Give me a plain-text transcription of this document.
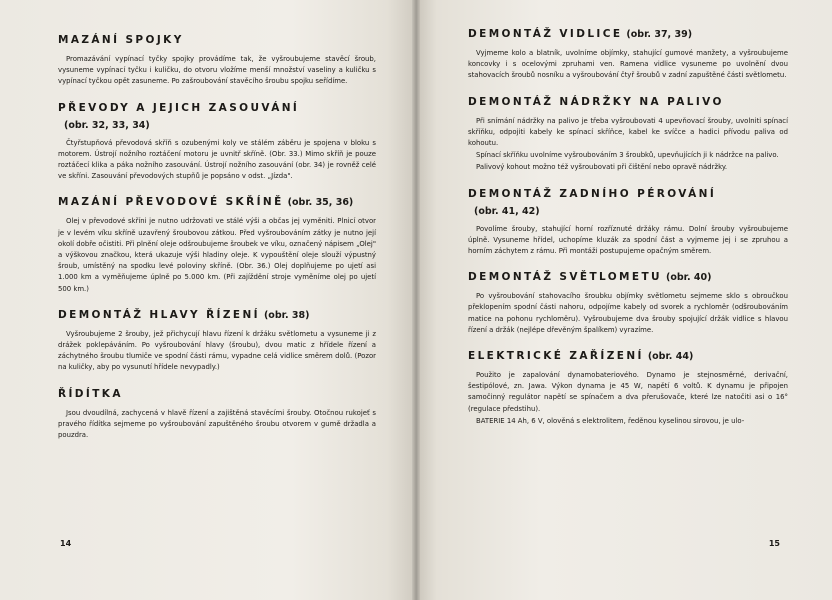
MAZÁNÍ SPOJKY

Promazávání vypínací tyčky spojky provádíme tak, že vyšroubujeme stavěcí šroub, vysuneme vypínací tyčku i kuličku, do otvoru vložíme menší množství vaseliny a kuličku s vypínací tyčkou opět zasuneme. Po zašroubování stavěcího šroubu spojku seřídíme.

PŘEVODY A JEJICH ZASOUVÁNÍ
(obr. 32, 33, 34)

Čtyřstupňová převodová skříň s ozubenými koly ve stálém záběru je spojena v bloku s motorem. Ústrojí nožního roztáčení motoru je uvnitř skříně. (Obr. 33.) Mimo skříň je pouze roztáčecí klika a páka nožního zasouvání. Ústrojí nožního zasouvání (obr. 34) je rovněž celé ve skříni. Zasouvání převodových stupňů je popsáno v odst. „Jízda".

MAZÁNÍ PŘEVODOVÉ SKŘÍNĚ (obr. 35, 36)

Olej v převodové skříni je nutno udržovati ve stálé výši a občas jej vyměniti. Plnicí otvor je v levém víku skříně uzavřený šroubovou zátkou. Před vyšroubováním zátky je nutno její okolí dobře očistiti. Při plnění oleje odšroubujeme šroubek ve víku, označený nápisem „Olej" a výškovou značkou, která ukazuje výši hladiny oleje. K vypouštění oleje slouží výpustný šroub, umístěný na spodku levé poloviny skříně. (Obr. 36.) Olej doplňujeme po ujetí asi 1.000 km a vyměňujeme úplně po 5.000 km. (Při zajíždění stroje vyměníme olej po ujetí 500 km.)

DEMONTÁŽ HLAVY ŘÍZENÍ (obr. 38)

Vyšroubujeme 2 šrouby, jež přichycují hlavu řízení k držáku světlometu a vysuneme ji z drážek poklepáváním. Po vyšroubování hlavy (šroubu), dvou matic z hřídele řízení a záchytného šroubu tlumiče ve spodní části rámu, vypadne celá vidlice směrem dolů. (Pozor na kuličky, aby po vysunutí hřídele nevypadly.)

ŘÍDÍTKA

Jsou dvoudílná, zachycená v hlavě řízení a zajištěná stavěcími šrouby. Otočnou rukojeť s pravého řídítka sejmeme po vyšroubování zapuštěného šroubu otvorem v gumě držadla a pouzdra.

14
DEMONTÁŽ VIDLICE (obr. 37, 39)

Vyjmeme kolo a blatník, uvolníme objímky, stahující gumové manžety, a vyšroubujeme koncovky i s ocelovými zpruhami ven. Ramena vidlice vysuneme po uvolnění dvou stahovacích šroubů nosníku a vyšroubování čtyř šroubů v zadní zapuštěné části světlometu.

DEMONTÁŽ NÁDRŽKY NA PALIVO

Při snímání nádržky na palivo je třeba vyšroubovati 4 upevňovací šrouby, uvolniti spínací skříňku, odpojiti kabely ke spínací skříňce, kabel ke svíčce a hadici přívodu paliva od kohoutu.

Spínací skříňku uvolníme vyšroubováním 3 šroubků, upevňujících ji k nádržce na palivo.

Palivový kohout možno též vyšroubovati při čištění nebo opravě nádržky.

DEMONTÁŽ ZADNÍHO PÉROVÁNÍ
(obr. 41, 42)

Povolíme šrouby, stahující horní rozříznuté držáky rámu. Dolní šrouby vyšroubujeme úplně. Vysuneme hřídel, uchopíme kluzák za spodní část a vyjmeme jej i se zpruhou a horním záchytem z rámu. Při montáži postupujeme opačným směrem.

DEMONTÁŽ SVĚTLOMETU (obr. 40)

Po vyšroubování stahovacího šroubku objímky světlometu sejmeme sklo s obroučkou překlopením spodní části nahoru, odpojíme kabely od svorek a rychloměr (odšroubováním matice na pohonu rychloměru). Vyšroubujeme dva šrouby spojující držák vidlice s hlavou řízení a držák (nejlépe dřevěným špalíkem) vyrazíme.

ELEKTRICKÉ ZAŘÍZENÍ (obr. 44)

Použito je zapalování dynamobateriového. Dynamo je stejnosměrné, derivační, šestipólové, zn. Jawa. Výkon dynama je 45 W, napětí 6 voltů. K dynamu je připojen samočinný regulátor napětí se spínačem a dva přerušovače, které lze natočiti asi o 16° (regulace předstihu).

BATERIE 14 Ah, 6 V, olověná s elektrolitem, ředěnou kyselinou sirovou, je ulo-

15
